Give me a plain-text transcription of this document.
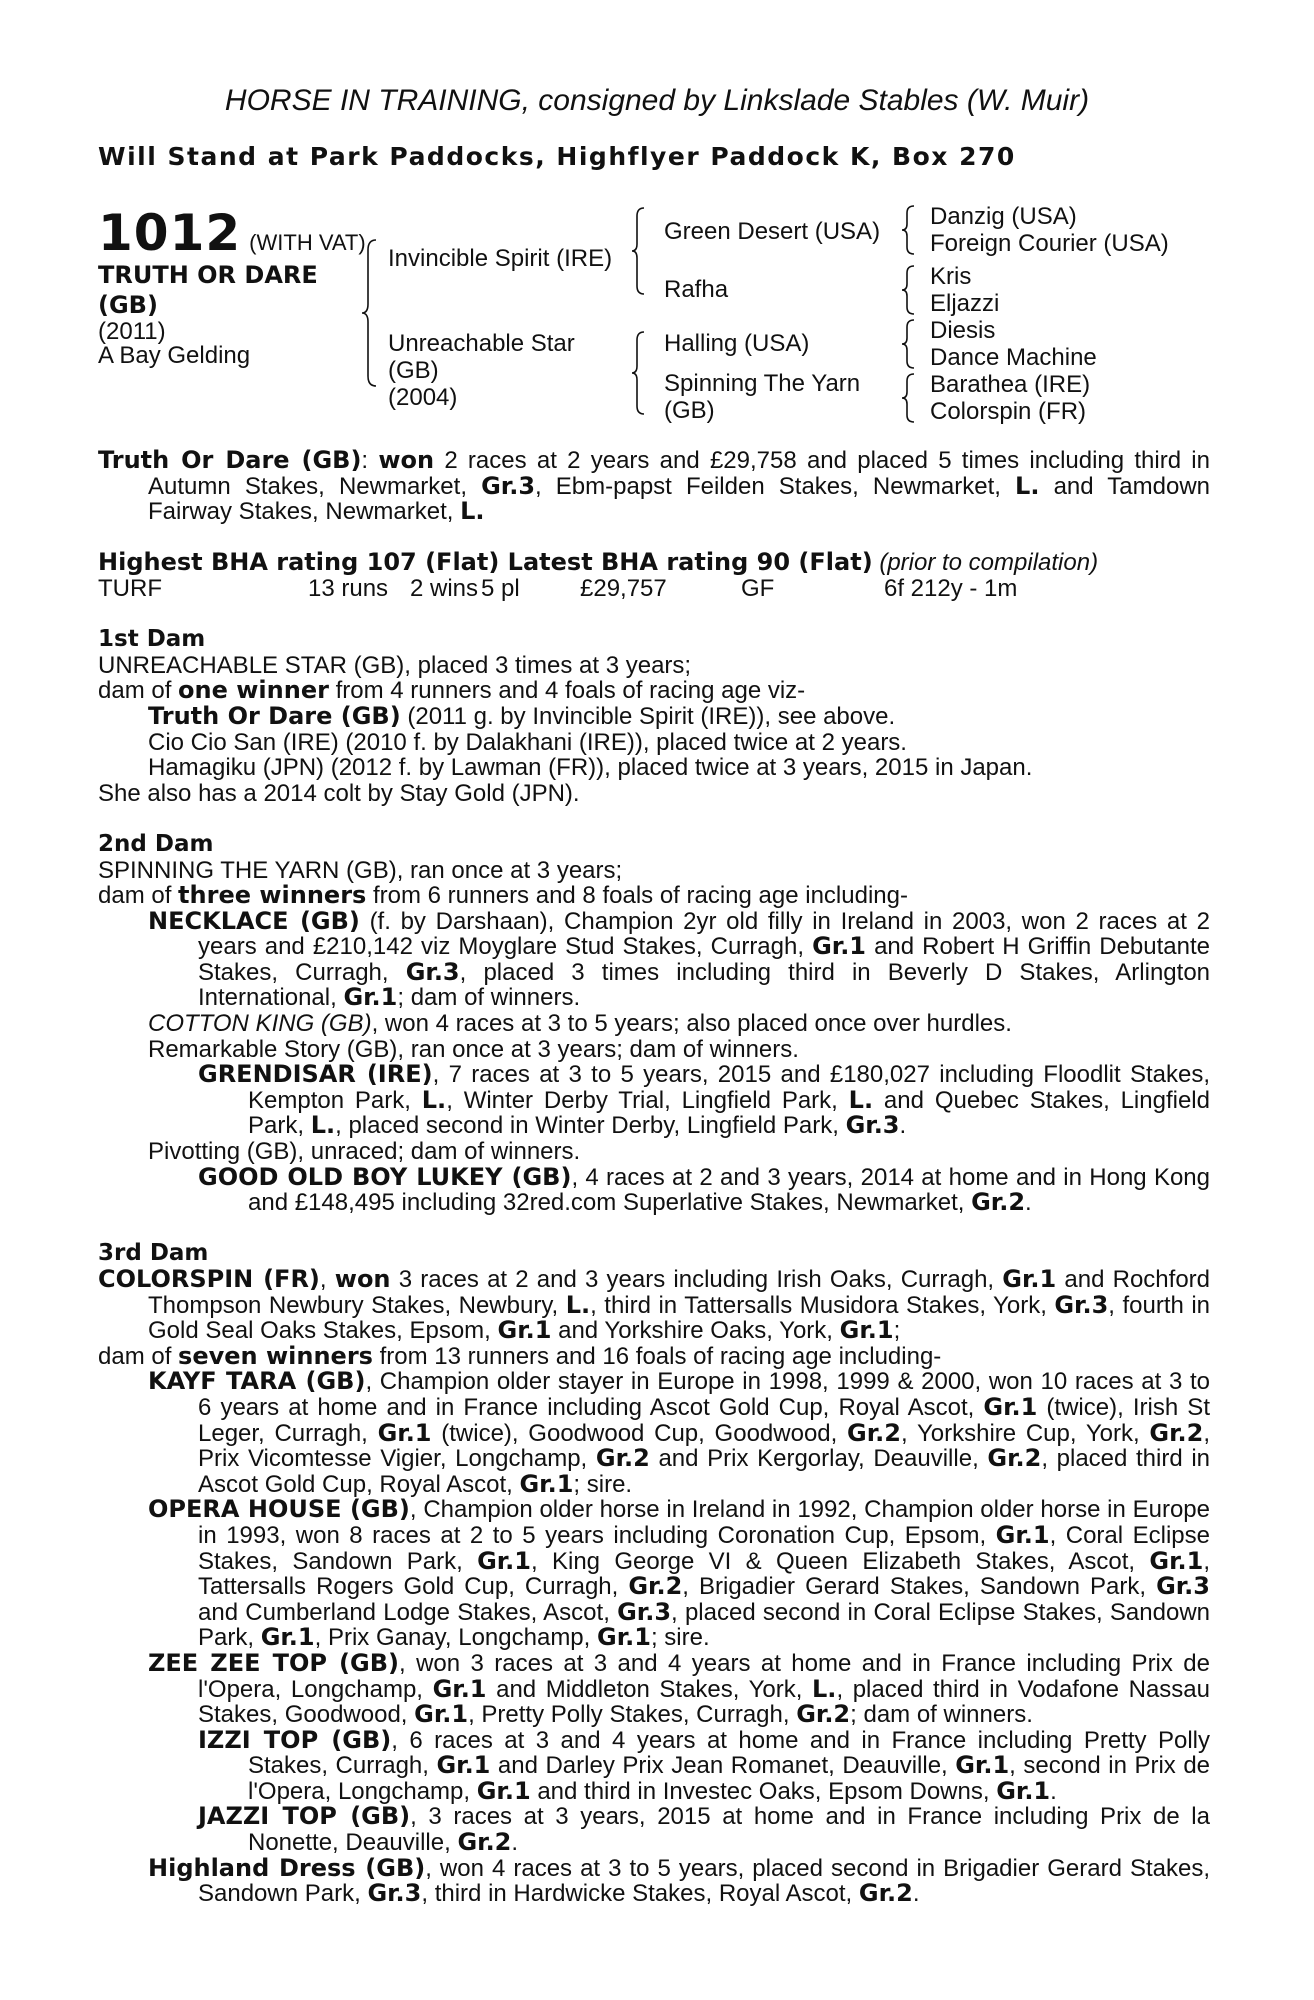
HORSE IN TRAINING, consigned by Linkslade Stables (W. Muir)
Will Stand at Park Paddocks, Highflyer Paddock K, Box 270
1012 (WITH VAT)
TRUTH OR DARE (GB)
(2011)
A Bay Gelding
Invincible Spirit (IRE)
Unreachable Star
(GB)
(2004)
Green Desert (USA)
Rafha
Halling (USA)
Spinning The Yarn
(GB)
Danzig (USA)
Foreign Courier (USA)
Kris
Eljazzi
Diesis
Dance Machine
Barathea (IRE)
Colorspin (FR)

Truth Or Dare (GB): won 2 races at 2 years and £29,758 and placed 5 times including third in Autumn Stakes, Newmarket, Gr.3, Ebm-papst Feilden Stakes, Newmarket, L. and Tamdown Fairway Stakes, Newmarket, L.

Highest BHA rating 107 (Flat) Latest BHA rating 90 (Flat) (prior to compilation)

TURF	13 runs 2 wins 5 pl	£29,757	GF	6f 212y - 1m

1st Dam

UNREACHABLE STAR (GB), placed 3 times at 3 years;

dam of one winner from 4 runners and 4 foals of racing age viz-

Truth Or Dare (GB) (2011 g. by Invincible Spirit (IRE)), see above.

Cio Cio San (IRE) (2010 f. by Dalakhani (IRE)), placed twice at 2 years.

Hamagiku (JPN) (2012 f. by Lawman (FR)), placed twice at 3 years, 2015 in Japan.

She also has a 2014 colt by Stay Gold (JPN).

2nd Dam

SPINNING THE YARN (GB), ran once at 3 years;

dam of three winners from 6 runners and 8 foals of racing age including-

NECKLACE (GB) (f. by Darshaan), Champion 2yr old filly in Ireland in 2003, won 2 races at 2 years and £210,142 viz Moyglare Stud Stakes, Curragh, Gr.1 and Robert H Griffin Debutante Stakes, Curragh, Gr.3, placed 3 times including third in Beverly D Stakes, Arlington International, Gr.1; dam of winners.

COTTON KING (GB), won 4 races at 3 to 5 years; also placed once over hurdles.

Remarkable Story (GB), ran once at 3 years; dam of winners.

GRENDISAR (IRE), 7 races at 3 to 5 years, 2015 and £180,027 including Floodlit Stakes, Kempton Park, L., Winter Derby Trial, Lingfield Park, L. and Quebec Stakes, Lingfield Park, L., placed second in Winter Derby, Lingfield Park, Gr.3.

Pivotting (GB), unraced; dam of winners.

GOOD OLD BOY LUKEY (GB), 4 races at 2 and 3 years, 2014 at home and in Hong Kong and £148,495 including 32red.com Superlative Stakes, Newmarket, Gr.2.

3rd Dam

COLORSPIN (FR), won 3 races at 2 and 3 years including Irish Oaks, Curragh, Gr.1 and Rochford Thompson Newbury Stakes, Newbury, L., third in Tattersalls Musidora Stakes, York, Gr.3, fourth in Gold Seal Oaks Stakes, Epsom, Gr.1 and Yorkshire Oaks, York, Gr.1;

dam of seven winners from 13 runners and 16 foals of racing age including-

KAYF TARA (GB), Champion older stayer in Europe in 1998, 1999 & 2000, won 10 races at 3 to 6 years at home and in France including Ascot Gold Cup, Royal Ascot, Gr.1 (twice), Irish St Leger, Curragh, Gr.1 (twice), Goodwood Cup, Goodwood, Gr.2, Yorkshire Cup, York, Gr.2, Prix Vicomtesse Vigier, Longchamp, Gr.2 and Prix Kergorlay, Deauville, Gr.2, placed third in Ascot Gold Cup, Royal Ascot, Gr.1; sire.

OPERA HOUSE (GB), Champion older horse in Ireland in 1992, Champion older horse in Europe in 1993, won 8 races at 2 to 5 years including Coronation Cup, Epsom, Gr.1, Coral Eclipse Stakes, Sandown Park, Gr.1, King George VI & Queen Elizabeth Stakes, Ascot, Gr.1, Tattersalls Rogers Gold Cup, Curragh, Gr.2, Brigadier Gerard Stakes, Sandown Park, Gr.3 and Cumberland Lodge Stakes, Ascot, Gr.3, placed second in Coral Eclipse Stakes, Sandown Park, Gr.1, Prix Ganay, Longchamp, Gr.1; sire.

ZEE ZEE TOP (GB), won 3 races at 3 and 4 years at home and in France including Prix de l'Opera, Longchamp, Gr.1 and Middleton Stakes, York, L., placed third in Vodafone Nassau Stakes, Goodwood, Gr.1, Pretty Polly Stakes, Curragh, Gr.2; dam of winners.

IZZI TOP (GB), 6 races at 3 and 4 years at home and in France including Pretty Polly Stakes, Curragh, Gr.1 and Darley Prix Jean Romanet, Deauville, Gr.1, second in Prix de l'Opera, Longchamp, Gr.1 and third in Investec Oaks, Epsom Downs, Gr.1.

JAZZI TOP (GB), 3 races at 3 years, 2015 at home and in France including Prix de la Nonette, Deauville, Gr.2.

Highland Dress (GB), won 4 races at 3 to 5 years, placed second in Brigadier Gerard Stakes, Sandown Park, Gr.3, third in Hardwicke Stakes, Royal Ascot, Gr.2.
